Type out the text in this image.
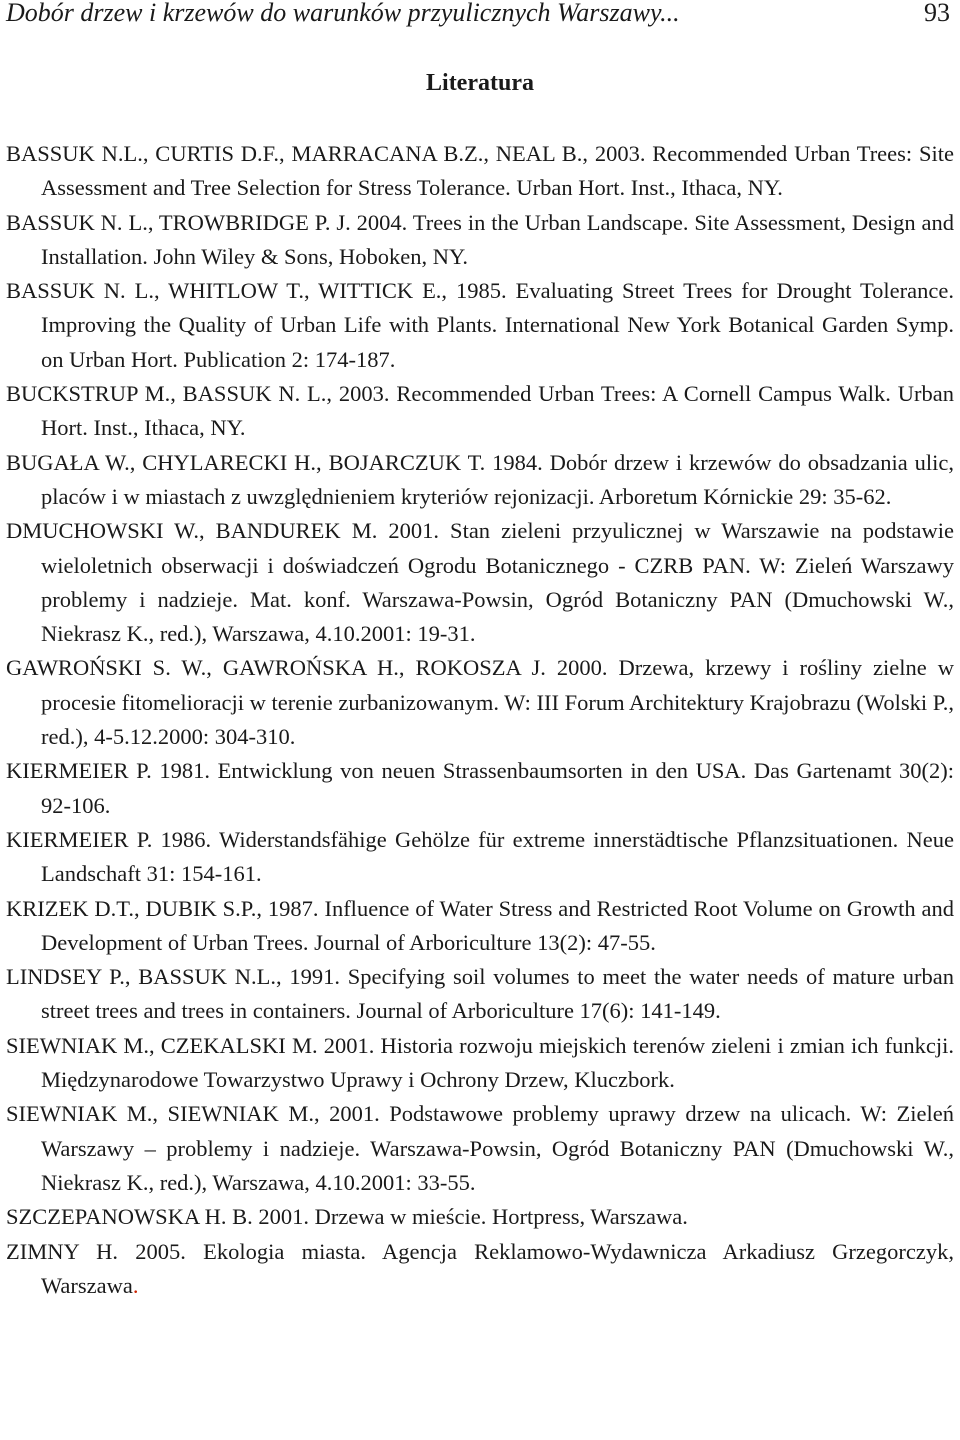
Dobór drzew i krzewów do warunków przyulicznych Warszawy...	93
Literatura

BASSUK N.L., CURTIS D.F., MARRACANA B.Z., NEAL B., 2003. Recommended Urban Trees: Site Assessment and Tree Selection for Stress Tolerance. Urban Hort. Inst., Ithaca, NY.

BASSUK N. L., TROWBRIDGE P. J. 2004. Trees in the Urban Landscape. Site Assessment, Design and Installation. John Wiley & Sons, Hoboken, NY.

BASSUK N. L., WHITLOW T., WITTICK E., 1985. Evaluating Street Trees for Drought Tolerance. Improving the Quality of Urban Life with Plants. International New York Botanical Garden Symp. on Urban Hort. Publication 2: 174-187.

BUCKSTRUP M., BASSUK N. L., 2003. Recommended Urban Trees: A Cornell Campus Walk. Urban Hort. Inst., Ithaca, NY.

BUGAŁA W., CHYLARECKI H., BOJARCZUK T. 1984. Dobór drzew i krzewów do obsadzania ulic, placów i w miastach z uwzględnieniem kryteriów rejonizacji. Arboretum Kórnickie 29: 35-62.

DMUCHOWSKI W., BANDUREK M. 2001. Stan zieleni przyulicznej w Warszawie na podstawie wieloletnich obserwacji i doświadczeń Ogrodu Botanicznego - CZRB PAN. W: Zieleń Warszawy problemy i nadzieje. Mat. konf. Warszawa-Powsin, Ogród Botaniczny PAN (Dmuchowski W., Niekrasz K., red.), Warszawa, 4.10.2001: 19-31.

GAWROŃSKI S. W., GAWROŃSKA H., ROKOSZA J. 2000. Drzewa, krzewy i rośliny zielne w procesie fitomelioracji w terenie zurbanizowanym. W: III Forum Architektury Krajobrazu (Wolski P., red.), 4-5.12.2000: 304-310.

KIERMEIER P. 1981. Entwicklung von neuen Strassenbaumsorten in den USA. Das Gartenamt 30(2): 92-106.

KIERMEIER P. 1986. Widerstandsfähige Gehölze für extreme innerstädtische Pflanzsituationen. Neue Landschaft 31: 154-161.

KRIZEK D.T., DUBIK S.P., 1987. Influence of Water Stress and Restricted Root Volume on Growth and Development of Urban Trees. Journal of Arboriculture 13(2): 47-55.

LINDSEY P., BASSUK N.L., 1991. Specifying soil volumes to meet the water needs of mature urban street trees and trees in containers. Journal of Arboriculture 17(6): 141-149.

SIEWNIAK M., CZEKALSKI M. 2001. Historia rozwoju miejskich terenów zieleni i zmian ich funkcji. Międzynarodowe Towarzystwo Uprawy i Ochrony Drzew, Kluczbork.

SIEWNIAK M., SIEWNIAK M., 2001. Podstawowe problemy uprawy drzew na ulicach. W: Zieleń Warszawy – problemy i nadzieje. Warszawa-Powsin, Ogród Botaniczny PAN (Dmuchowski W., Niekrasz K., red.), Warszawa, 4.10.2001: 33-55.

SZCZEPANOWSKA H. B. 2001. Drzewa w mieście. Hortpress, Warszawa.

ZIMNY H. 2005. Ekologia miasta. Agencja Reklamowo-Wydawnicza Arkadiusz Grzegorczyk, Warszawa.
